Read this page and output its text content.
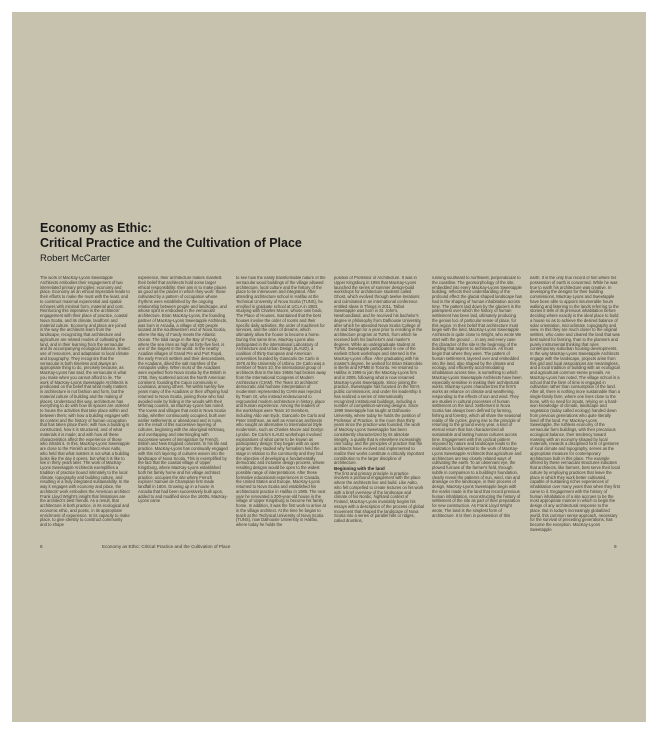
Economy as Ethic:
Critical Practice and the Cultivation of Place
Robert McCarter

The work of MacKay-Lyons Sweetapple Architects embodies their engagement of two interrelated primary principles: economy and place. Economy as an ethical imperative leads to their efforts to make the most with the least, and to construct maximal experiential and spatial richness with minimal form, material and cost. Reinforcing this imperative is the architects' engagement with their place of practice, coastal Nova Scotia, and its climate, landform and material culture. Economy and place are joined in the way the architects learn from the landscape, recognizing that architecture and agriculture are related modes of cultivating the land, and in their learning from the vernacular and its accompanying ecological balance, limited use of resources, and adaptation to local climate and topography. They recognize that the vernacular is both timeless and always an appropriate thing to do, precisely because, as MacKay-Lyons has said, the vernacular is what you make when you cannot afford to lie. The work of MacKay-Lyons Sweetapple Architects is predicated on the belief that what really matters in architecture is not fashion and form, but the material culture of building and the making of places. Understood this way, architecture has everything to do with how its spaces are ordered to house the activities that take place within and between them; with how a building engages with its context and the history of human occupation that has taken place there; with how a building is constructed, how it is structured, and of what materials it is made; and with how all these characteristics affect the experience of those who inhabit it. In this, MacKay-Lyons Sweetapple are close to the Finnish architect Alvar Aalto, who held that what matters is not what a building looks like the day it opens, but what it is like to live in thirty years later. The work of MacKay-Lyons Sweetapple Architects exemplifies a tradition of practice bound intimately to the local climate, topography and building culture, and resulting in a truly integrated sustainability. In the way it engages with economy and place, the architects' work embodies the American architect Frank Lloyd Wright's insight that limitations are the architect's best friends. As a result, that architecture is both practice, in its ecological and economic ethic, and poetic, in its appropriate enrichment of experience. In its capacity to make place, to give identity to construct community and to shape

experience, their architecture makes manifest their belief that architects hold some larger ethical responsibility: their aim is to make places as good as the places in which they work: those cultivated by a pattern of occupation whose rhythms were established by the ongoing relationship between people and landscape, and whose spirit is embodied in the vernacular architecture. Brian MacKay-Lyons, the founding partner of MacKay-Lyons Sweetapple Architects, was born in Arcadia, a village of 400 people located at the southwestern end of Nova Scotia, where the Bay of Fundy meets the Atlantic Ocean. The tidal range in the Bay of Fundy, where the sea rises as high as forty-five feet, is one of the largest in the world. In the nearby Acadian villages of Grand Pre and Port Royal, the early French settlers and their descendants, the Acadians, diked the salt marshes of the Annapolis valley. When most of the Acadians were expelled from Nova Scotia by the British in 1755, they scattered across the North American continent, founding the Cajun community in Louisiana, among others. Yet within twenty-five years many of the Acadians or their offspring had returned to Nova Scotia, joining those who had avoided exile by hiding in the woods with their Mi'kmaq cousins, as MacKay-Lyons has noted. The towns and villages that exist in Nova Scotia today, whether continuously occupied, built over earlier settlements or abandoned and in ruins, are the result of this successive layering of cultures, beginning with the aboriginal Mi'kmaq, and overlapping and intermingling with successive waves of immigration by French, British and New England colonists. In his life and practice, MacKay-Lyons has continually engaged with this rich layering of cultures woven into the landscape of Nova Scotia. This is exemplified by the fact that the coastal village of Upper Kingsburg, where MacKay-Lyons established both his family home and his village architect practice, occupies the site where French explorer Samuel de Champlain first made landfall in 1604. Growing up in a house in Arcadia that had been successively built upon, added to and modified since the 1600s, MacKay-Lyons came

to see how the easily transformable nature of the vernacular wood buildings of the village allowed architecture, local culture and the history of the place to be interwoven and integrated. After attending architecture school in Halifax at the Technical University of Nova Scotia (TUNS), he enrolled in graduate school at UCLA in 1983, studying with Charles Moore, whose own book, The Place of Houses, maintained that the best houses involve the order of rooms and their specific daily activities, the order of machines for services, and the order of dreams, which ultimately allow the house to become a home. During this same time, MacKay-Lyons also participated in the international Laboratory of Architecture and Urban Design (ILAUD), a coalition of thirty European and American universities founded by Giancarlo De Carlo in 1976 at the University of Urbino. De Carlo was a member of Team 10, the international group of architects that in the late 1950s had broken away from the International Congress of Modern Architecture (CIAM). The Team 10 architects' democratic and humane interpretation of modernism represented by CIAM was rejected by Team 10, who instead endeavoured to regrounded modern architecture in history, place and human experience. Among the leaders of the workshops were Team 10 members, including Aldo van Eyck, Giancarlo De Carlo and Peter Smithson, as well as American architects who sought an alternative to International Style modernism, such as Charles Moore and Donlyn Lyndon. De Carlo's ILAUD workshops involved explorations of what came to be known as participatory design: they began with an open program; they studied why formalism held the stage in relation to the community and they had the objective of developing a fundamentally democratic and inclusive design process, whose resulting designs would be open to the widest possible range of interpretations. After these formative educational experiences in Canada, the United States and Europe, MacKay-Lyons returned to Nova Scotia and established his architectural practice in Halifax in 1985. The next year he renovated a 200-year-old house in the village of Upper Kingsburg to become his family home. In addition, it was the first work to arrive at in the village architect. At the time he began to teach at the Technical University of Nova Scotia (TUNS), now Dalhousie University in Halifax, where today he holds the

position of Professor of Architecture. It was in Upper Kingsburg in 1994 that MacKay-Lyons launched the series of summer design-build workshops for architecture students called Ghost, which evolved through twelve iterations and culminated in an international conference entitled Ideas in Things in 2011. Talbot Sweetapple was born in St. John's, Newfoundland, and he received his bachelor's degree in philosophy from Dalhousie University, after which he attended Nova Scotia College of Art and Design for a year prior to enrolling in the architecture program at TUNS, from which he received both his bachelor's and master's degrees. While an undergraduate student at TUNS, Sweetapple participated in one of the earliest Ghost workshops and interned in the MacKay-Lyons office. After graduating with his master's degree, he worked for Brian Skamoleto in Berlin and KPMB in Toronto. He returned to Halifax in 1999 to join the MacKay-Lyons firm and in 2005, following what is now renamed MacKay-Lyons Sweetapple. Since joining the practice, Sweetapple has focused on the firm's public commissions, and under his leadership it has realized a series of internationally recognized institutional buildings, including a number of competition-winning designs. Since 1999 Sweetapple has taught at Dalhousie University, where today he holds the position of Professor of Practice. In the more than thirty years since the practice was founded, the work of MacKay-Lyons Sweetapple has been consistently characterized by its absolute integrity, a quality that is elsewhere increasingly rare today, and the principles of practice that the architects have evolved and implemented to realize their works constitute a critically important contribution to the larger discipline of architecture.

Beginning with the land

The first and primary principle in practice involves a profound engagement with the place where the architects live and build. Like Aalto, who felt compelled to create lectures on his work with a brief overview of the landscape and climate of his Nordic, highland context of Finland, MacKay-Lyons invariably begins his essays with a description of the process of global movement that shaped the landscape of Nova Scotia into a series of parallel hills or ridges, called drumlins,

running southeast to northwest, perpendicular to the coastline. The geomorphology of the site, embedded into every MacKay-Lyons Sweetapple building, reflects their understanding of the profound effect the glacial shaped landscape has had in the shaping of human inhabitation across time. The pattern laid down by the glaciers is the palimpsest over which the history of human settlement has been laid, ultimately producing the genius loci of particular sense of place, for this region. In their belief that architecture must begin with the land, MacKay-Lyons Sweetapple Architects is quite close to Wright, who wrote We start with the ground ... in any and every case the character of the site is the beginning of the building that aspires to architecture. All must begin that where they were. The pattern of human settlement, layered over and embedded into the land, also shaped by the climate and ecology, and efficiently accommodating inhabitation across time, is something to which MacKay-Lyons Sweetapple Architects have been especially sensitive in making their architectural works. MacKay-Lyons characterizes the firm's works as reliance on climate and weathering, responding to the effects of sun and wind. They are studies in cultural processes of human settlement on the land. Settlement in Nova Scotia has always been defined by farming, fishing and forestry, which all share the seasonal reality of life cycles, giving rise to the principle of returning to the ground every year, a kind of eternal return that has characterized all sustainable and lasting human cultures across time. Engagement with this cyclical pattern imposed by nature and landscape leads to the realization fundamental to the work of MacKay-Lyons Sweetapple Architects that agriculture and architecture are two closely related ways of cultivating the earth. To an observant eye, the plowed furrows of the farmer's field, through subtle in comparison to a building's foundation, clearly reveal the patterns of sun, wind, rain and drainage on the landscape, in their process of design, MacKay-Lyons Sweetapple begin with the marks made in the land that record previous human inhabitation, reconstructing the history of settlement of the site as part of their preparation for new construction. As Frank Lloyd Wright wrote, The land is the simplest form of architecture. It is then in possession of this

earth. It is the only true record of him where his possession of earth is concerned. While he was true to earth his architecture was creative. In developing the designs for their building commissions, MacKay-Lyons and Sweetapple have been able to appoint innumerable hours walking and listening to the lands referring to the stories it tells of its previous inhabitation before deciding where exactly is the ideal place to build a house so as to achieve the desired balance of solar orientation, microclimate, topography and view. In this they are much closer to the original settlers, who came and cleared the land that was best suited for farming, than to the planners and purely instrumental thinking that rules contemporary suburban housing developments. In the way MacKay-Lyons Sweetapple Architects engage with the landscape, projects arise from this grid and local associations are meaningless, and a local tradition of building with an ecological and agricultural common-sense prevails. As MacKay-Lyons has noted, The village school is a school that the farm of time is engaged in cultivation rather than consumption of the land. After all, there is nothing more sustainable than a single-family farm, where one lives close to the bone, with no need for inputs, relying on a hard-won knowledge of climate, landscape and vegetation (today called ecology) handed down from previous generations who quite literally lived off the land. For MacKay-Lyons Sweetapple, the ruthless economy of the vernacular farm buildings, with their precarious ecological balance, their tendency toward massing with an economy shaped by local materials, rewards a disciplined form of gestures of local climate and topography, serves as the appropriate measure for contemporary architecture built in this place. The example offered by these vernacular structures indicates that architects, like farmers, best serve their local culture by employing practices that leave the place in which they work better cultivated, capable of sustaining richer experiences of inhabitation over many years than when they first came to it. Engagement with the history of human inhabitation of a site accrues to be the most appropriate manner in which to begin the design of any architectural response to the place. But in today's increasingly globalized world, this common sense approach, necessary for the survival of preceding generations, has become the exception. MacKay-Lyons Sweetapple

8	Economy as Ethic: Critical Practice and the Cultivation of Place	9
